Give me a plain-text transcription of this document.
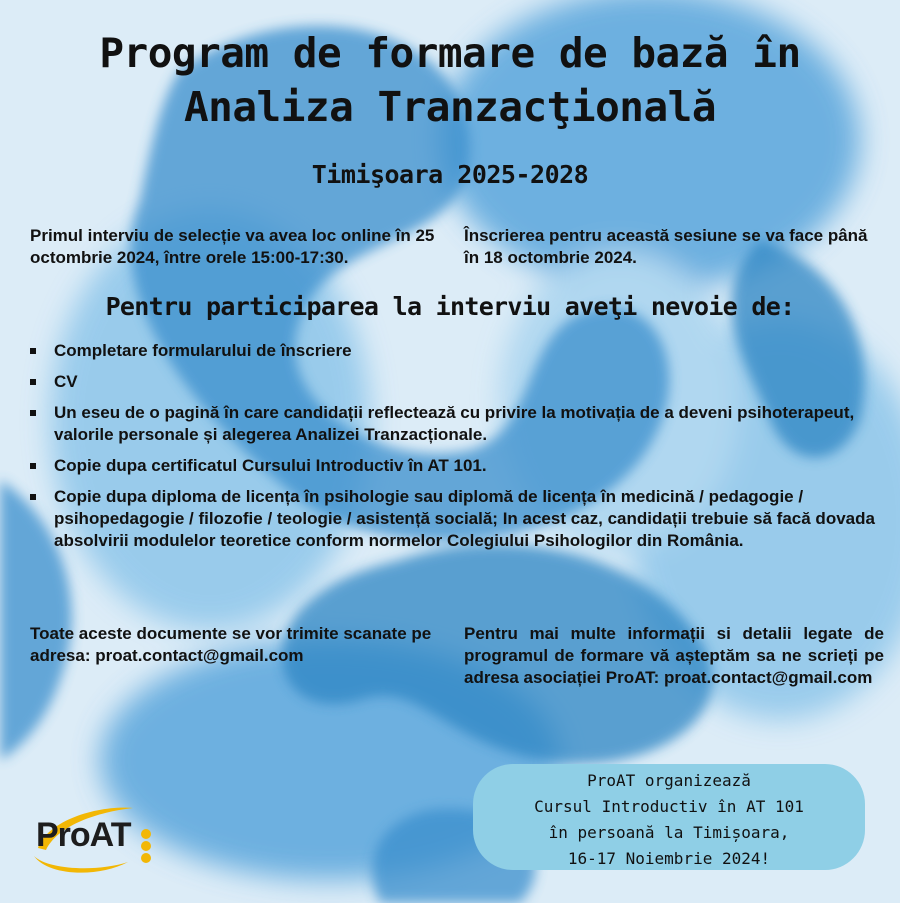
Program de formare de bază în
Analiza Tranzacţională
Timişoara 2025-2028
Primul interviu de selecție va avea loc online în 25 octombrie 2024, între orele 15:00-17:30.
Înscrierea pentru această sesiune se va face până în 18 octombrie 2024.
Pentru participarea la interviu aveţi nevoie de:
Completare formularului de înscriere
CV
Un eseu de o pagină în care candidații reflectează cu privire la motivația de a deveni psihoterapeut, valorile personale și alegerea Analizei Tranzacționale.
Copie dupa certificatul Cursului Introductiv în AT 101.
Copie dupa diploma de licența în psihologie sau diplomă de licența în medicină / pedagogie / psihopedagogie / filozofie / teologie / asistență socială; In acest caz, candidații trebuie să facă dovada absolvirii modulelor teoretice conform normelor Colegiului Psihologilor din România.
Toate aceste documente se vor trimite scanate pe adresa: proat.contact@gmail.com
Pentru mai multe informații si detalii legate de programul de formare vă așteptăm sa ne scrieți pe adresa asociației ProAT: proat.contact@gmail.com
ProAT organizează
Cursul Introductiv în AT 101
în persoană la Timișoara,
16-17 Noiembrie 2024!
ProAT
